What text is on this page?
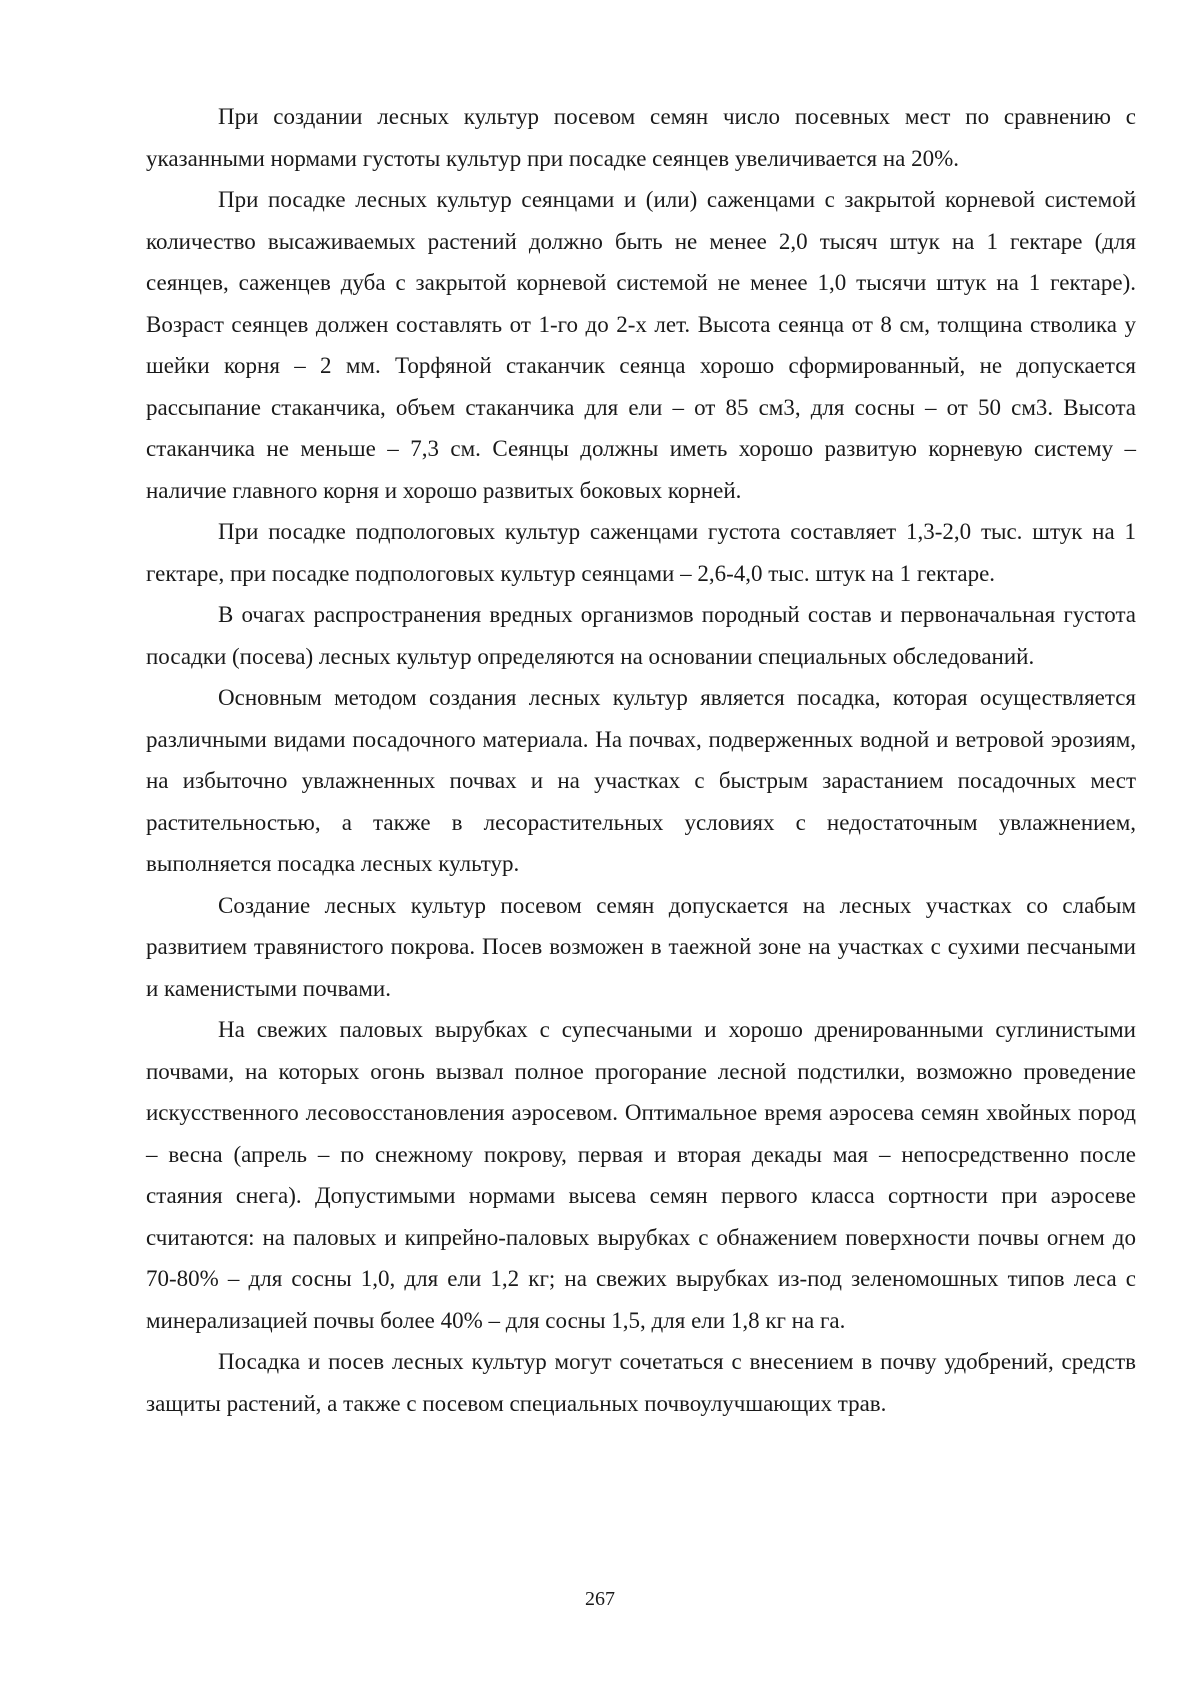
При создании лесных культур посевом семян число посевных мест по сравнению с указанными нормами густоты культур при посадке сеянцев увеличивается на 20%.

При посадке лесных культур сеянцами и (или) саженцами с закрытой корневой системой количество высаживаемых растений должно быть не менее 2,0 тысяч штук на 1 гектаре (для сеянцев, саженцев дуба с закрытой корневой системой не менее 1,0 тысячи штук на 1 гектаре). Возраст сеянцев должен составлять от 1-го до 2-х лет. Высота сеянца от 8 см, толщина стволика у шейки корня – 2 мм. Торфяной стаканчик сеянца хорошо сформированный, не допускается рассыпание стаканчика, объем стаканчика для ели – от 85 см3, для сосны – от 50 см3. Высота стаканчика не меньше – 7,3 см. Сеянцы должны иметь хорошо развитую корневую систему – наличие главного корня и хорошо развитых боковых корней.

При посадке подпологовых культур саженцами густота составляет 1,3-2,0 тыс. штук на 1 гектаре, при посадке подпологовых культур сеянцами – 2,6-4,0 тыс. штук на 1 гектаре.

В очагах распространения вредных организмов породный состав и первоначальная густота посадки (посева) лесных культур определяются на основании специальных обследований.

Основным методом создания лесных культур является посадка, которая осуществляется различными видами посадочного материала. На почвах, подверженных водной и ветровой эрозиям, на избыточно увлажненных почвах и на участках с быстрым зарастанием посадочных мест растительностью, а также в лесорастительных условиях с недостаточным увлажнением, выполняется посадка лесных культур.

Создание лесных культур посевом семян допускается на лесных участках со слабым развитием травянистого покрова. Посев возможен в таежной зоне на участках с сухими песчаными и каменистыми почвами.

На свежих паловых вырубках с супесчаными и хорошо дренированными суглинистыми почвами, на которых огонь вызвал полное прогорание лесной подстилки, возможно проведение искусственного лесовосстановления аэросевом. Оптимальное время аэросева семян хвойных пород – весна (апрель – по снежному покрову, первая и вторая декады мая – непосредственно после стаяния снега). Допустимыми нормами высева семян первого класса сортности при аэросеве считаются: на паловых и кипрейно-паловых вырубках с обнажением поверхности почвы огнем до 70-80% – для сосны 1,0, для ели 1,2 кг; на свежих вырубках из-под зеленомошных типов леса с минерализацией почвы более 40% – для сосны 1,5, для ели 1,8 кг на га.

Посадка и посев лесных культур могут сочетаться с внесением в почву удобрений, средств защиты растений, а также с посевом специальных почвоулучшающих трав.

267
